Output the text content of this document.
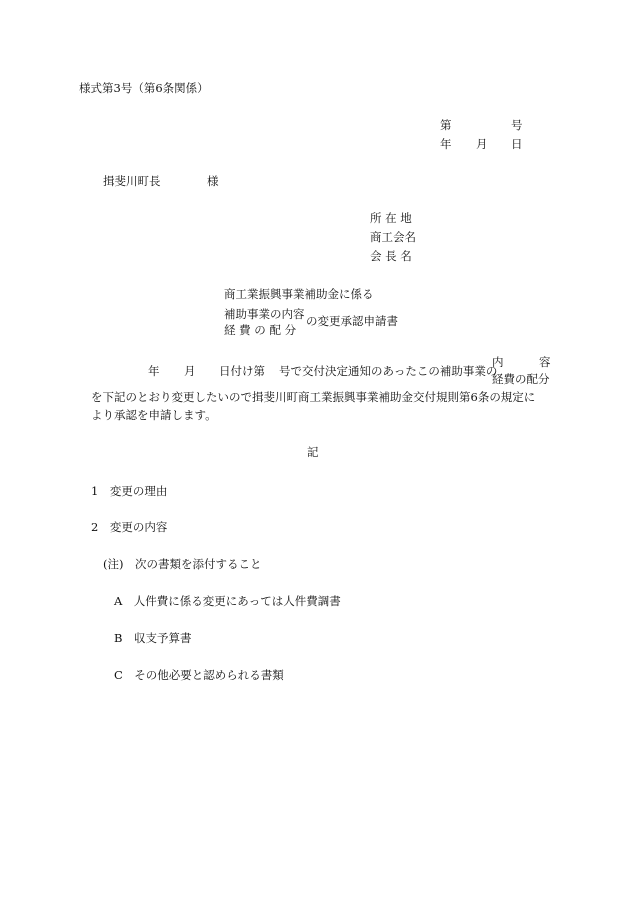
様式第3号（第6条関係）
第	号
年 月 日
揖斐川町長	様
所 在 地
商工会名
会 長 名
商工業振興事業補助金に係る
補助事業の内容
経 費 の 配 分
の変更承認申請書
年 月 日付け第 号で交付決定通知のあったこの補助事業の
内	容
経費の配分
を下記のとおり変更したいので揖斐川町商工業振興事業補助金交付規則第6条の規定に
より承認を申請します。
記
1　変更の理由
2　変更の内容
(注)　次の書類を添付すること
A　人件費に係る変更にあっては人件費調書
B　収支予算書
C　その他必要と認められる書類
